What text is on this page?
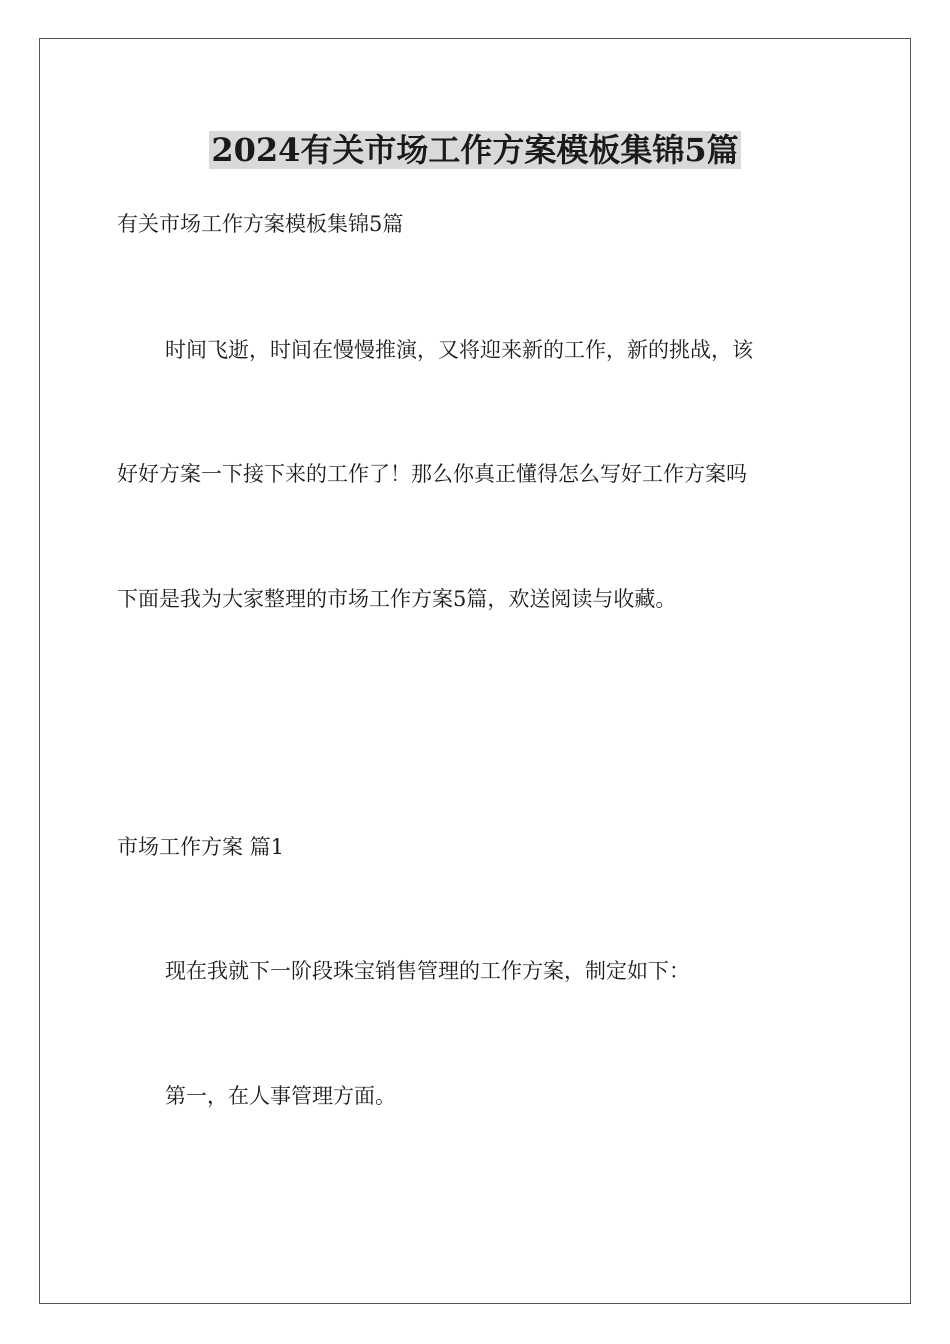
2024有关市场工作方案模板集锦5篇

有关市场工作方案模板集锦5篇

时间飞逝，时间在慢慢推演，又将迎来新的工作，新的挑战，该

好好方案一下接下来的工作了！那么你真正懂得怎么写好工作方案吗

下面是我为大家整理的市场工作方案5篇，欢送阅读与收藏。

市场工作方案 篇1

现在我就下一阶段珠宝销售管理的工作方案，制定如下：

第一，在人事管理方面。
